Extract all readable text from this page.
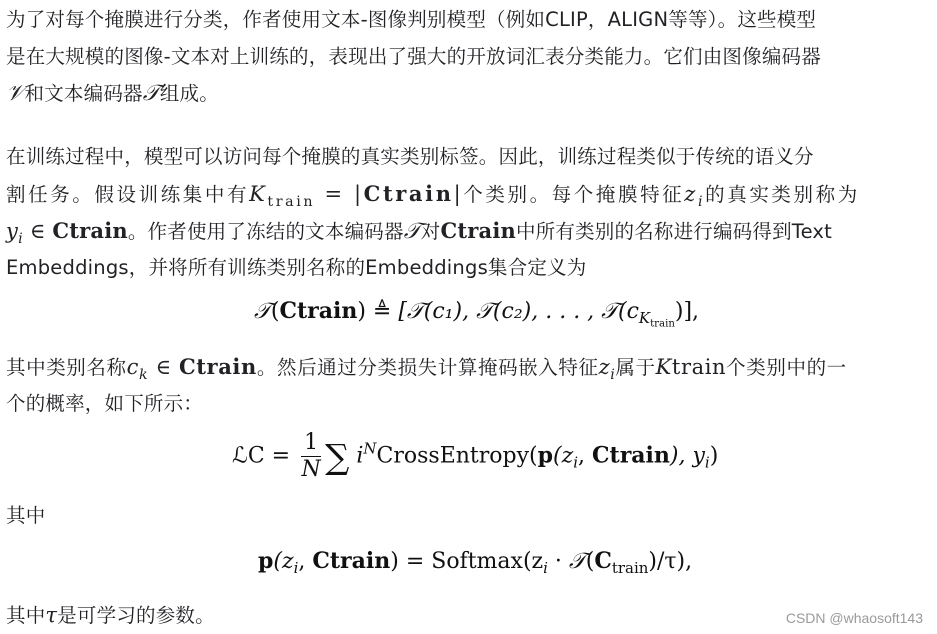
为了对每个掩膜进行分类，作者使用文本-图像判别模型（例如CLIP，ALIGN等等）。这些模型
是在大规模的图像-文本对上训练的，表现出了强大的开放词汇表分类能力。它们由图像编码器
𝒱和文本编码器𝒯组成。
在训练过程中，模型可以访问每个掩膜的真实类别标签。因此，训练过程类似于传统的语义分
割任务。假设训练集中有$K_{train}$ = |Ctrain|个类别。每个掩膜特征$z_i$的真实类别称为
$y_i$ ∈ Ctrain。作者使用了冻结的文本编码器𝒯对Ctrain中所有类别的名称进行编码得到Text
Embeddings，并将所有训练类别名称的Embeddings集合定义为
𝒯(Ctrain) ≜ [𝒯(c₁), 𝒯(c₂), . . . , $𝒯(c_{K_{train}})$],
其中类别名称$c_k$ ∈ Ctrain。然后通过分类损失计算掩码嵌入特征$z_i$属于Ktrain个类别中的一
个的概率，如下所示：
ℒC = $\frac{1}{N}$ ∑ $i^NCrossEntropy(p(z_i$, Ctrain), $y_i$)
其中
$p(z_i$, Ctrain) = $Softmax(z_i$ · $𝒯(C_{train})/\tau$),
其中τ是可学习的参数。	CSDN @whaosoft143
